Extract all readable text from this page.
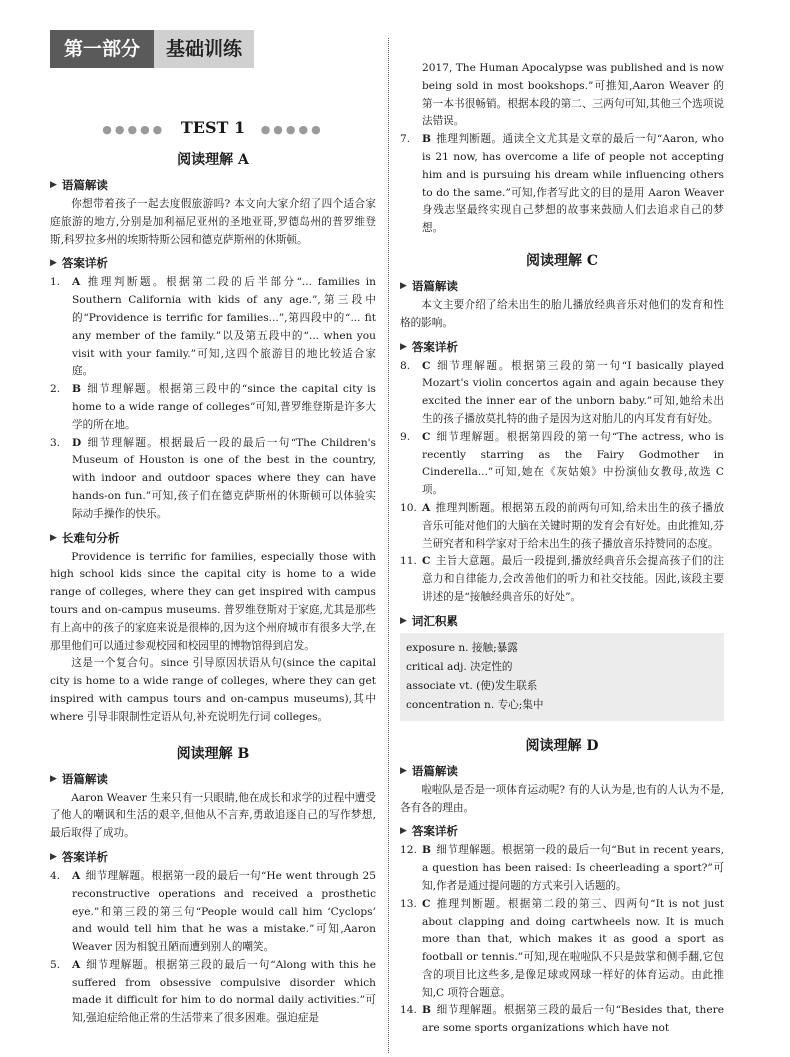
第一部分	基础训练
●●●●● TEST 1 ●●●●●
阅读理解 A
▶ 语篇解读

你想带着孩子一起去度假旅游吗? 本文向大家介绍了四个适合家庭旅游的地方,分别是加利福尼亚州的圣地亚哥,罗德岛州的普罗维登斯,科罗拉多州的埃斯特斯公园和德克萨斯州的休斯顿。

▶ 答案详析
1.	A 推理判断题。根据第二段的后半部分“... families in Southern California with kids of any age.”,第三段中的“Providence is terrific for families...”,第四段中的“... fit any member of the family.”以及第五段中的“... when you visit with your family.”可知,这四个旅游目的地比较适合家庭。
2.	B 细节理解题。根据第三段中的“since the capital city is home to a wide range of colleges”可知,普罗维登斯是许多大学的所在地。
3.	D 细节理解题。根据最后一段的最后一句“The Children's Museum of Houston is one of the best in the country, with indoor and outdoor spaces where they can have hands-on fun.”可知,孩子们在德克萨斯州的休斯顿可以体验实际动手操作的快乐。
▶ 长难句分析

Providence is terrific for families, especially those with high school kids since the capital city is home to a wide range of colleges, where they can get inspired with campus tours and on-campus museums. 普罗维登斯对于家庭,尤其是那些有上高中的孩子的家庭来说是很棒的,因为这个州府城市有很多大学,在那里他们可以通过参观校园和校园里的博物馆得到启发。

这是一个复合句。since 引导原因状语从句(since the capital city is home to a wide range of colleges, where they can get inspired with campus tours and on-campus museums),其中 where 引导非限制性定语从句,补充说明先行词 colleges。

阅读理解 B
▶ 语篇解读

Aaron Weaver 生来只有一只眼睛,他在成长和求学的过程中遭受了他人的嘲讽和生活的艰辛,但他从不言弃,勇敢追逐自己的写作梦想,最后取得了成功。

▶ 答案详析
4.	A 细节理解题。根据第一段的最后一句“He went through 25 reconstructive operations and received a prosthetic eye.”和第三段的第三句“People would call him ‘Cyclops’ and would tell him that he was a mistake.”可知,Aaron Weaver 因为相貌丑陋而遭到别人的嘲笑。
5.	A 细节理解题。根据第三段的最后一句“Along with this he suffered from obsessive compulsive disorder which made it difficult for him to do normal daily activities.”可知,强迫症给他正常的生活带来了很多困难。强迫症是
2017, The Human Apocalypse was published and is now being sold in most bookshops.”可推知,Aaron Weaver 的第一本书很畅销。根据本段的第二、三两句可知,其他三个选项说法错误。
7.	B 推理判断题。通读全文尤其是文章的最后一句“Aaron, who is 21 now, has overcome a life of people not accepting him and is pursuing his dream while influencing others to do the same.”可知,作者写此文的目的是用 Aaron Weaver 身残志坚最终实现自己梦想的故事来鼓励人们去追求自己的梦想。
阅读理解 C
▶ 语篇解读

本文主要介绍了给未出生的胎儿播放经典音乐对他们的发育和性格的影响。

▶ 答案详析
8.	C 细节理解题。根据第三段的第一句“I basically played Mozart's violin concertos again and again because they excited the inner ear of the unborn baby.”可知,她给未出生的孩子播放莫扎特的曲子是因为这对胎儿的内耳发育有好处。
9.	C 细节理解题。根据第四段的第一句“The actress, who is recently starring as the Fairy Godmother in Cinderella...”可知,她在《灰姑娘》中扮演仙女教母,故选 C 项。
10. A 推理判断题。根据第五段的前两句可知,给未出生的孩子播放音乐可能对他们的大脑在关键时期的发育会有好处。由此推知,芬兰研究者和科学家对于给未出生的孩子播放音乐持赞同的态度。
11. C 主旨大意题。最后一段提到,播放经典音乐会提高孩子们的注意力和自律能力,会改善他们的听力和社交技能。因此,该段主要讲述的是“接触经典音乐的好处”。
▶ 词汇积累

exposure n. 接触;暴露

critical adj. 决定性的

associate vt. (使)发生联系

concentration n. 专心;集中

阅读理解 D
▶ 语篇解读

啦啦队是否是一项体育运动呢? 有的人认为是,也有的人认为不是,各有各的理由。

▶ 答案详析
12. B 细节理解题。根据第一段的最后一句“But in recent years, a question has been raised: Is cheerleading a sport?”可知,作者是通过提问题的方式来引入话题的。
13. C 推理判断题。根据第二段的第三、四两句“It is not just about clapping and doing cartwheels now. It is much more than that, which makes it as good a sport as football or tennis.”可知,现在啦啦队不只是鼓掌和侧手翻,它包含的项目比这些多,是像足球或网球一样好的体育运动。由此推知,C 项符合题意。
14. B 细节理解题。根据第三段的最后一句“Besides that, there are some sports organizations which have not
